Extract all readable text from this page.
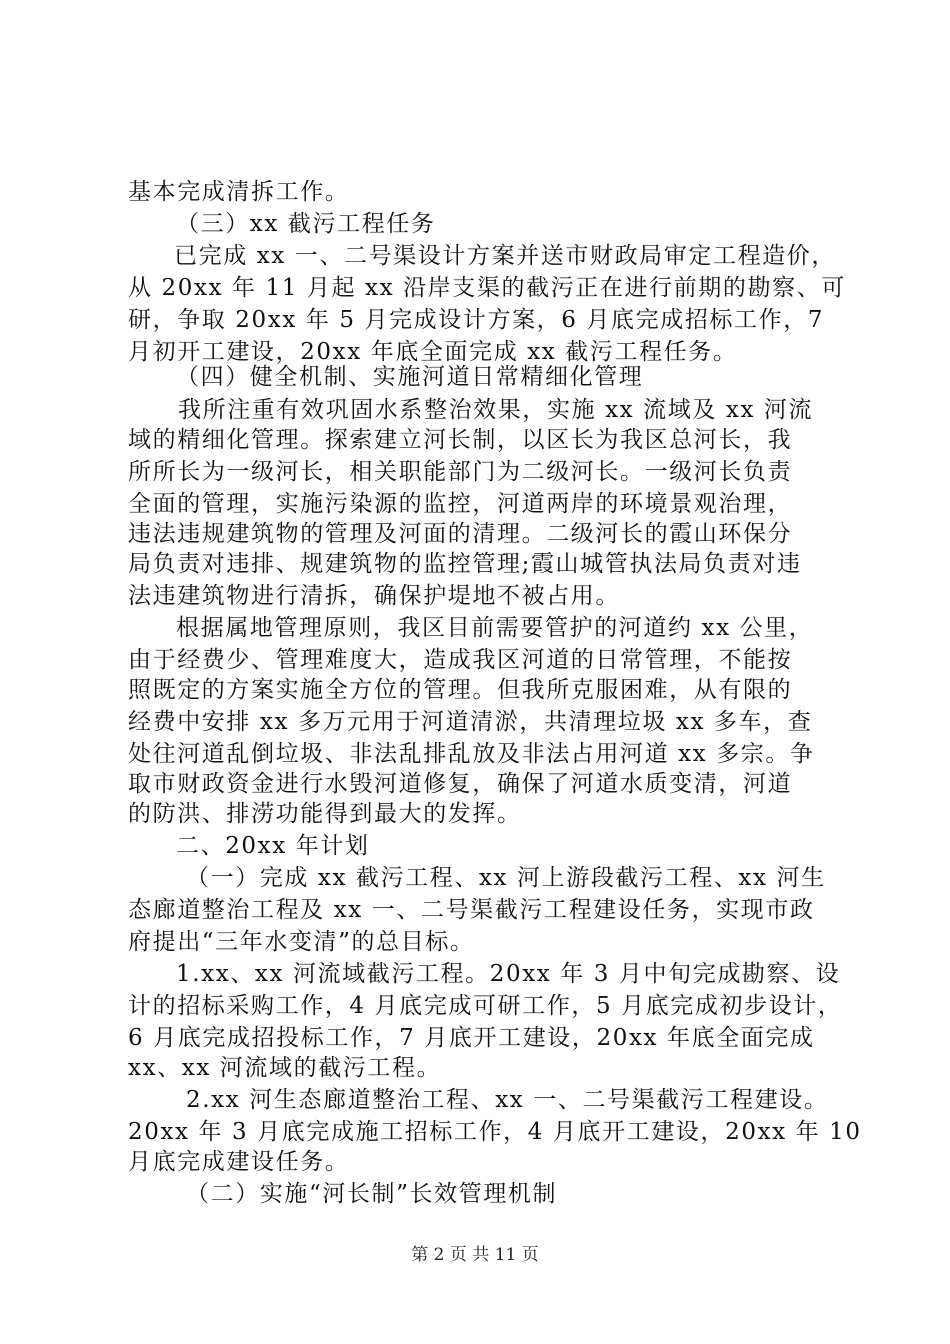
基本完成清拆工作。

（三）xx 截污工程任务

已完成 xx 一、二号渠设计方案并送市财政局审定工程造价，

从 20xx 年 11 月起 xx 沿岸支渠的截污正在进行前期的勘察、可

研，争取 20xx 年 5 月完成设计方案，6 月底完成招标工作，7

月初开工建设，20xx 年底全面完成 xx 截污工程任务。

（四）健全机制、实施河道日常精细化管理

我所注重有效巩固水系整治效果，实施 xx 流域及 xx 河流

域的精细化管理。探索建立河长制，以区长为我区总河长，我

所所长为一级河长，相关职能部门为二级河长。一级河长负责

全面的管理，实施污染源的监控，河道两岸的环境景观治理，

违法违规建筑物的管理及河面的清理。二级河长的霞山环保分

局负责对违排、规建筑物的监控管理;霞山城管执法局负责对违

法违建筑物进行清拆，确保护堤地不被占用。

根据属地管理原则，我区目前需要管护的河道约 xx 公里，

由于经费少、管理难度大，造成我区河道的日常管理，不能按

照既定的方案实施全方位的管理。但我所克服困难，从有限的

经费中安排 xx 多万元用于河道清淤，共清理垃圾 xx 多车，查

处往河道乱倒垃圾、非法乱排乱放及非法占用河道 xx 多宗。争

取市财政资金进行水毁河道修复，确保了河道水质变清，河道

的防洪、排涝功能得到最大的发挥。

二、20xx 年计划

（一）完成 xx 截污工程、xx 河上游段截污工程、xx 河生

态廊道整治工程及 xx 一、二号渠截污工程建设任务，实现市政

府提出“三年水变清”的总目标。

1.xx、xx 河流域截污工程。20xx 年 3 月中旬完成勘察、设

计的招标采购工作，4 月底完成可研工作，5 月底完成初步设计，

6 月底完成招投标工作，7 月底开工建设，20xx 年底全面完成

xx、xx 河流域的截污工程。

2.xx 河生态廊道整治工程、xx 一、二号渠截污工程建设。

20xx 年 3 月底完成施工招标工作，4 月底开工建设，20xx 年 10

月底完成建设任务。

（二）实施“河长制”长效管理机制

第 2 页 共 11 页
